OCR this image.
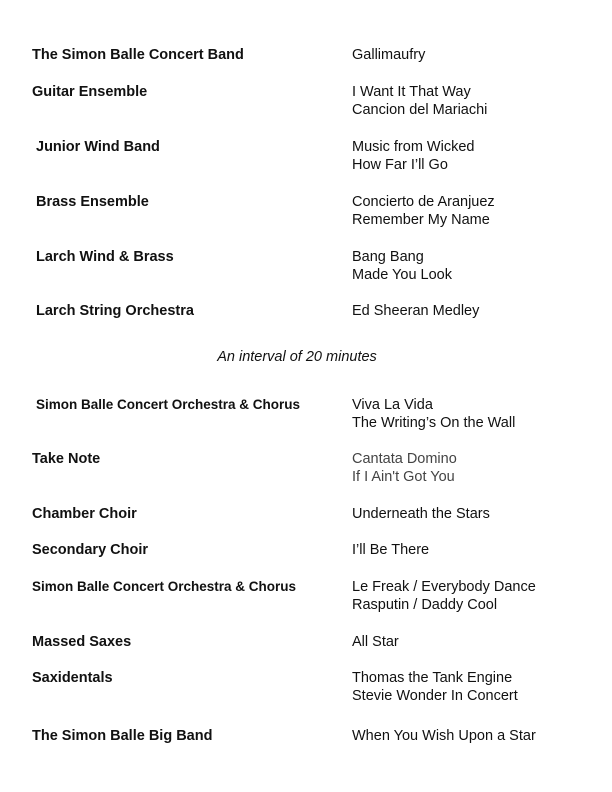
The Simon Balle Concert Band	Gallimaufry
Guitar Ensemble	I Want It That Way
Cancion del Mariachi
Junior Wind Band	Music from Wicked
How Far I’ll Go
Brass Ensemble	Concierto de Aranjuez
Remember My Name
Larch Wind & Brass	Bang Bang
Made You Look
Larch String Orchestra	Ed Sheeran Medley
An interval of 20 minutes
Simon Balle Concert Orchestra & Chorus	Viva La Vida
The Writing’s On the Wall
Take Note	Cantata Domino
If I Ain't Got You
Chamber Choir	Underneath the Stars
Secondary Choir	I’ll Be There
Simon Balle Concert Orchestra & Chorus	Le Freak / Everybody Dance
Rasputin / Daddy Cool
Massed Saxes	All Star
Saxidentals	Thomas the Tank Engine
Stevie Wonder In Concert
The Simon Balle Big Band	When You Wish Upon a Star
